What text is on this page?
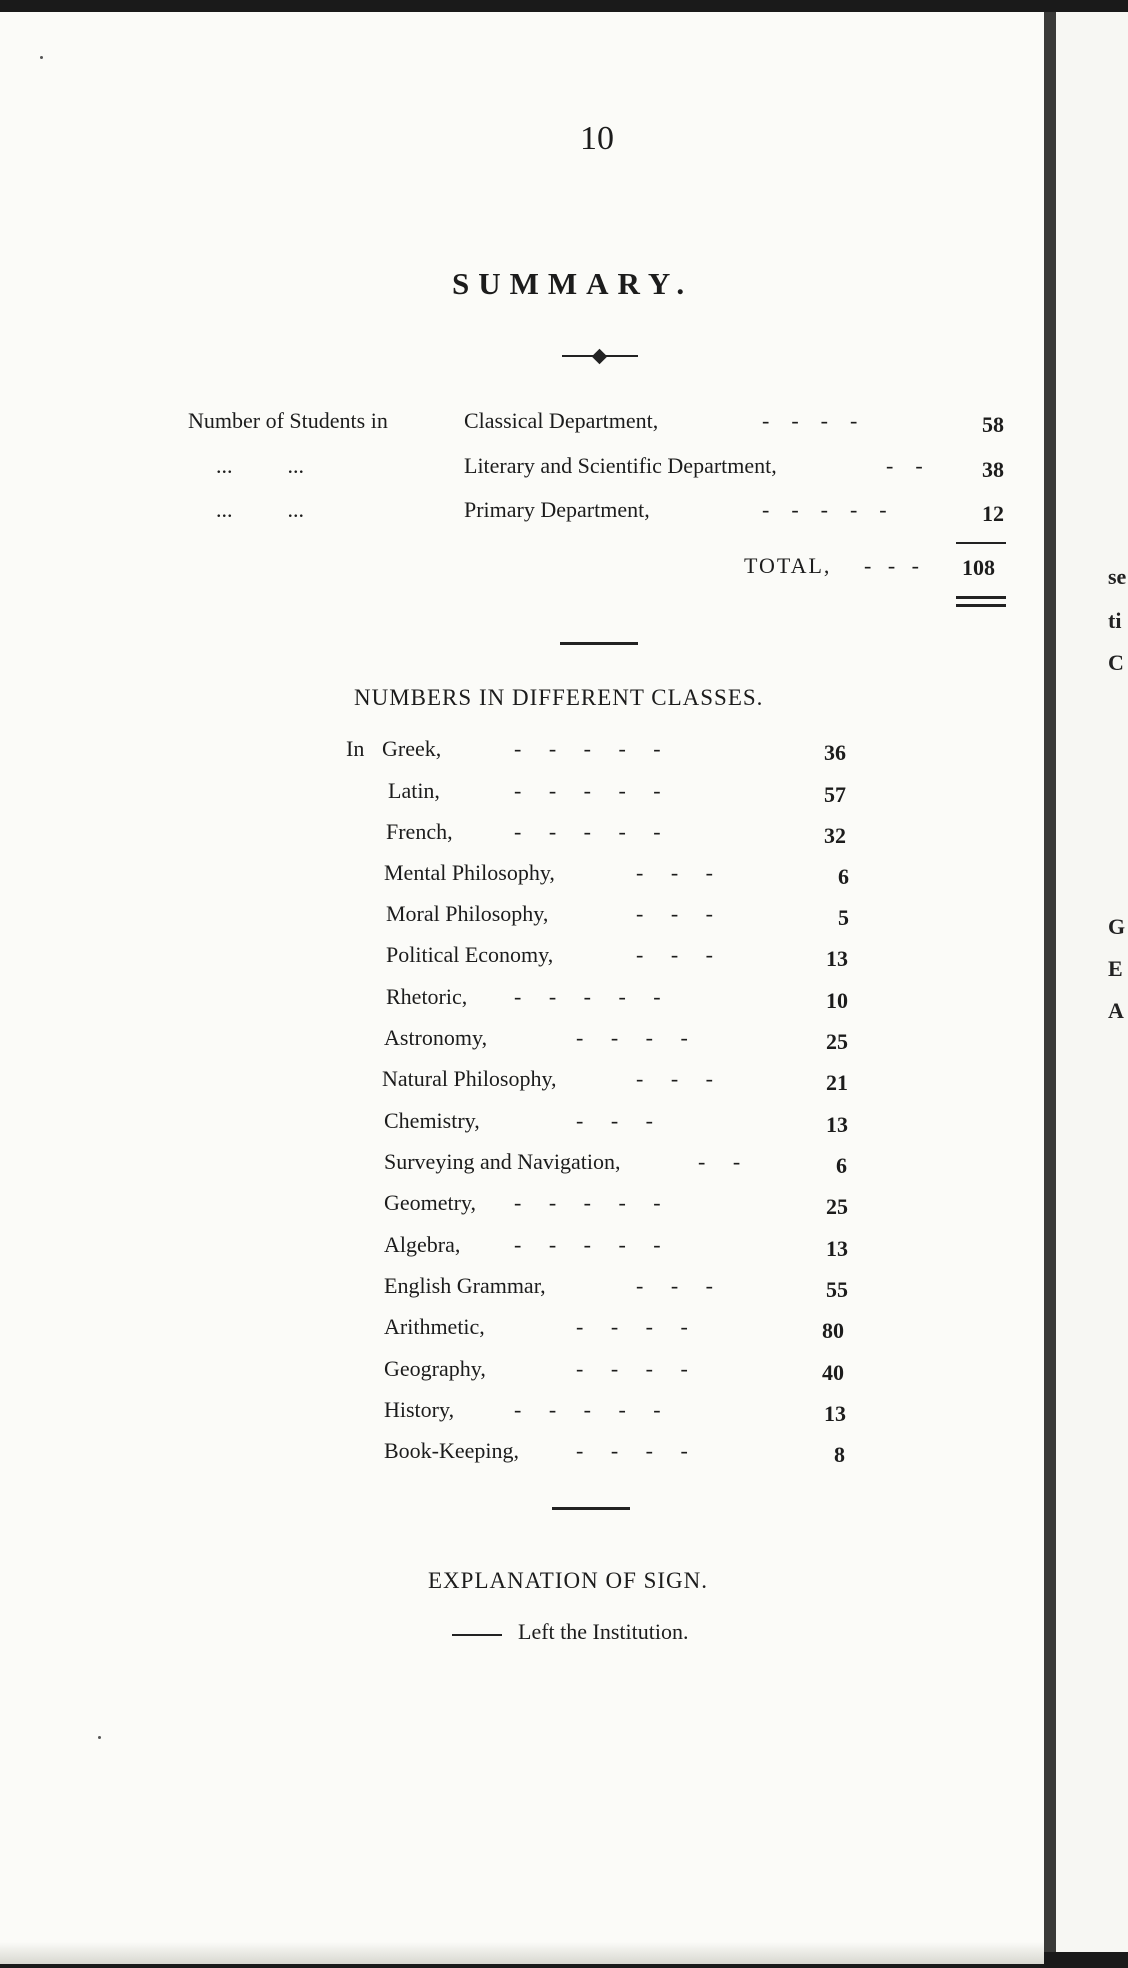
10
SUMMARY.
Number of Students in	Classical Department,	-    -    -    -	58
...          ...	Literary and Scientific Department,	-    -	38
...          ...	Primary Department,	-    -    -    -    -	12
TOTAL, -   -   - 108
NUMBERS IN DIFFERENT CLASSES.
In Greek,	-     -     -     -     -	36
Latin,	-     -     -     -     -	57
French,	-     -     -     -     -	32
Mental Philosophy,	-     -     -	6
Moral Philosophy,	-     -     -	5
Political Economy,	-     -     -	13
Rhetoric, -     -     -     -     -	10
Astronomy,	-     -     -     -	25
Natural Philosophy,	-     -     -	21
Chemistry,	-     -     -	13
Surveying and Navigation,	-     -	6
Geometry, -     -     -     -     -	25
Algebra, -     -     -     -     -	13
English Grammar,	-     -     -	55
Arithmetic,	-     -     -     -	80
Geography,	-     -     -     -	40
History,	-     -     -     -     -	13
Book-Keeping,	-     -     -     -	8
EXPLANATION OF SIGN.
Left the Institution.
se
ti
C
G
E
A
